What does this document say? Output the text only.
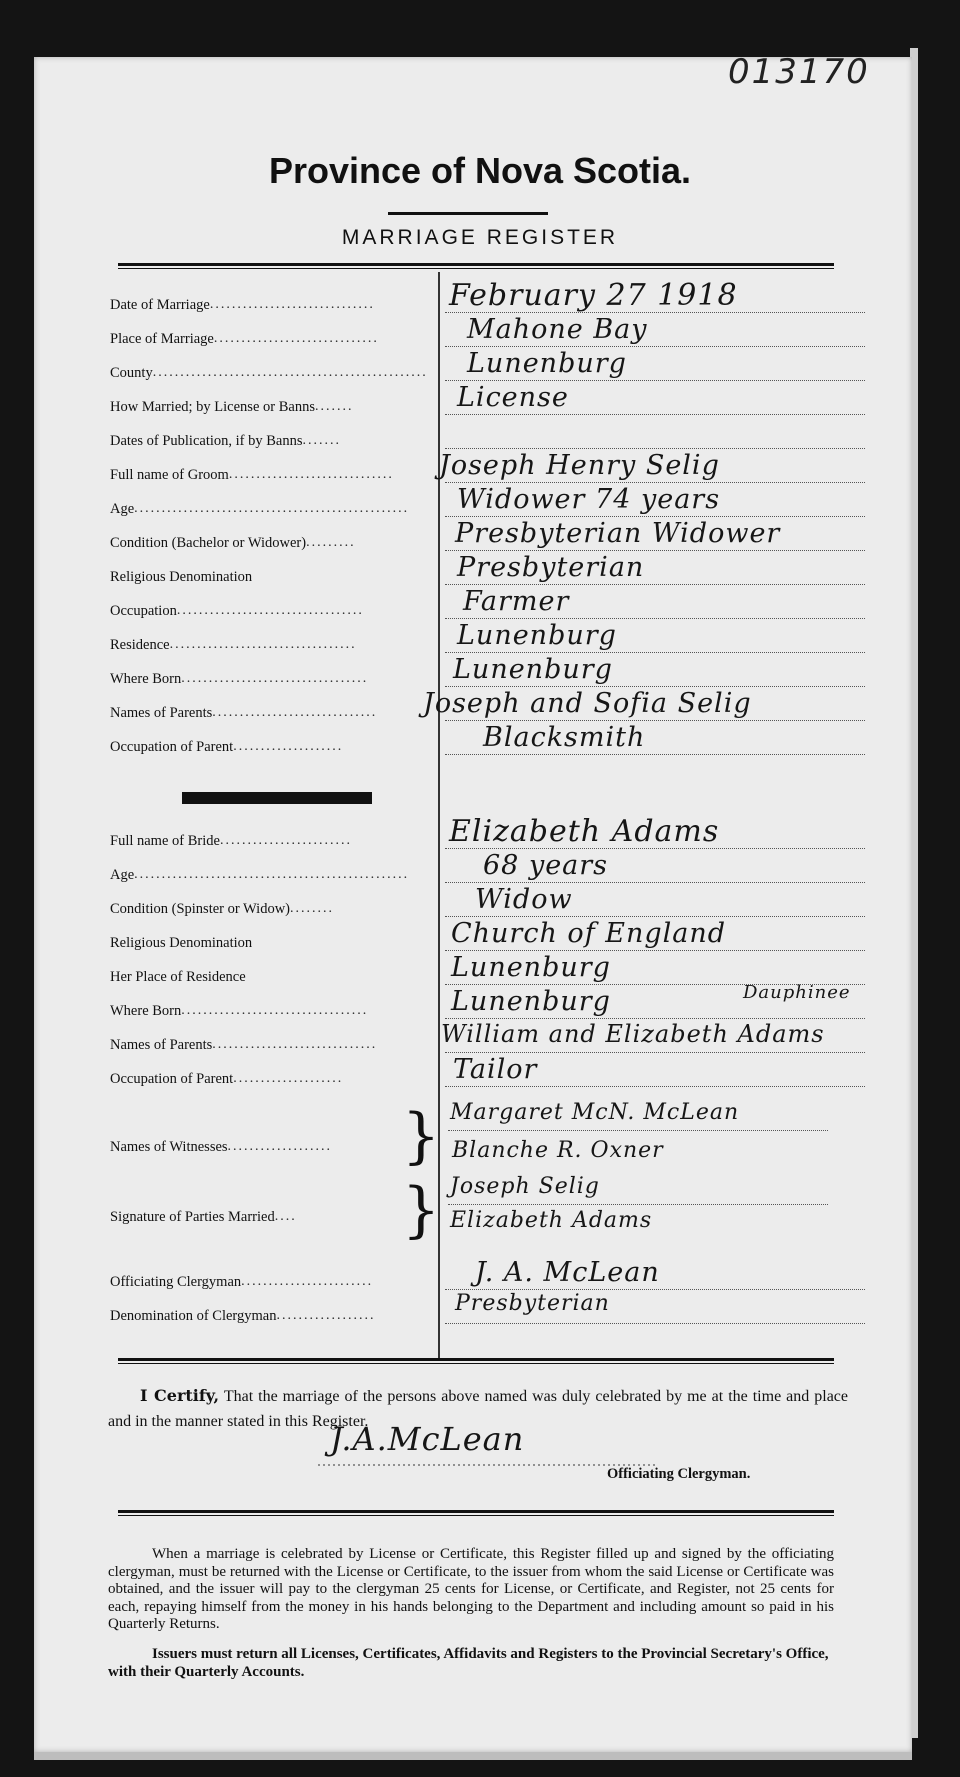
013170
Province of Nova Scotia.
MARRIAGE REGISTER
Date of Marriage ..............................	February 27 1918
Place of Marriage ..............................	Mahone Bay
County .................................................. Lunenburg
How Married; by License or Banns .......	License
Dates of Publication, if by Banns .......
Full name of Groom .............................. Joseph Henry Selig
Age .................................................. Widower 74 years
Condition (Bachelor or Widower) .........	Presbyterian Widower
Religious Denomination	Presbyterian
Occupation ..................................	Farmer
Residence ..................................	Lunenburg
Where Born ..................................	Lunenburg
Names of Parents .............................. Joseph and Sofia Selig
Occupation of Parent ....................	Blacksmith
Full name of Bride ........................	Elizabeth Adams
Age ..................................................	68 years
Condition (Spinster or Widow) ........	Widow
Religious Denomination	Church of England
Her Place of Residence	Lunenburg
Where Born ..................................	Lunenburg	Dauphinee
Names of Parents ..............................	William and Elizabeth Adams
Occupation of Parent ....................	Tailor
Names of Witnesses ................... } Margaret McN. McLean
Blanche R. Oxner
Signature of Parties Married .... } Joseph Selig
Elizabeth Adams
Officiating Clergyman ........................	J. A. McLean
Denomination of Clergyman ..................	Presbyterian
I Certify, That the marriage of the persons above named was duly celebrated by me at the time and place and in the manner stated in this Register.
J.A.McLean
Officiating Clergyman.
When a marriage is celebrated by License or Certificate, this Register filled up and signed by the officiating clergyman, must be returned with the License or Certificate, to the issuer from whom the said License or Certificate was obtained, and the issuer will pay to the clergyman 25 cents for License, or Certificate, and Register, not 25 cents for each, repaying himself from the money in his hands belonging to the Department and including amount so paid in his Quarterly Returns.
Issuers must return all Licenses, Certificates, Affidavits and Registers to the Provincial Secretary's Office, with their Quarterly Accounts.
